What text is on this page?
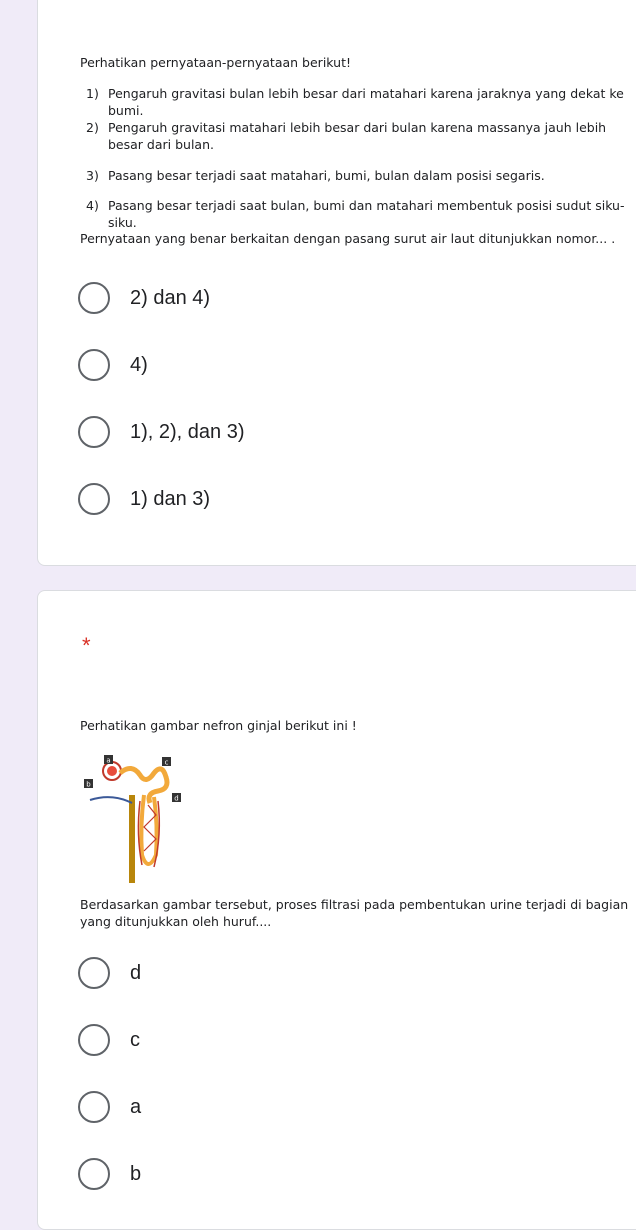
Perhatikan pernyataan-pernyataan berikut!

1) Pengaruh gravitasi bulan lebih besar dari matahari karena jaraknya yang dekat ke bumi.
2) Pengaruh gravitasi matahari lebih besar dari bulan karena massanya jauh lebih besar dari bulan.
3) Pasang besar terjadi saat matahari, bumi, bulan dalam posisi segaris.
4) Pasang besar terjadi saat bulan, bumi dan matahari membentuk posisi sudut siku-siku.

Pernyataan yang benar berkaitan dengan pasang surut air laut ditunjukkan nomor... .

2) dan 4)
4)
1), 2), dan 3)
1) dan 3)
*

Perhatikan gambar nefron ginjal berikut ini !

a
b
c
d

Berdasarkan gambar tersebut, proses filtrasi pada pembentukan urine terjadi di bagian yang ditunjukkan oleh huruf....

d
c
a
b
